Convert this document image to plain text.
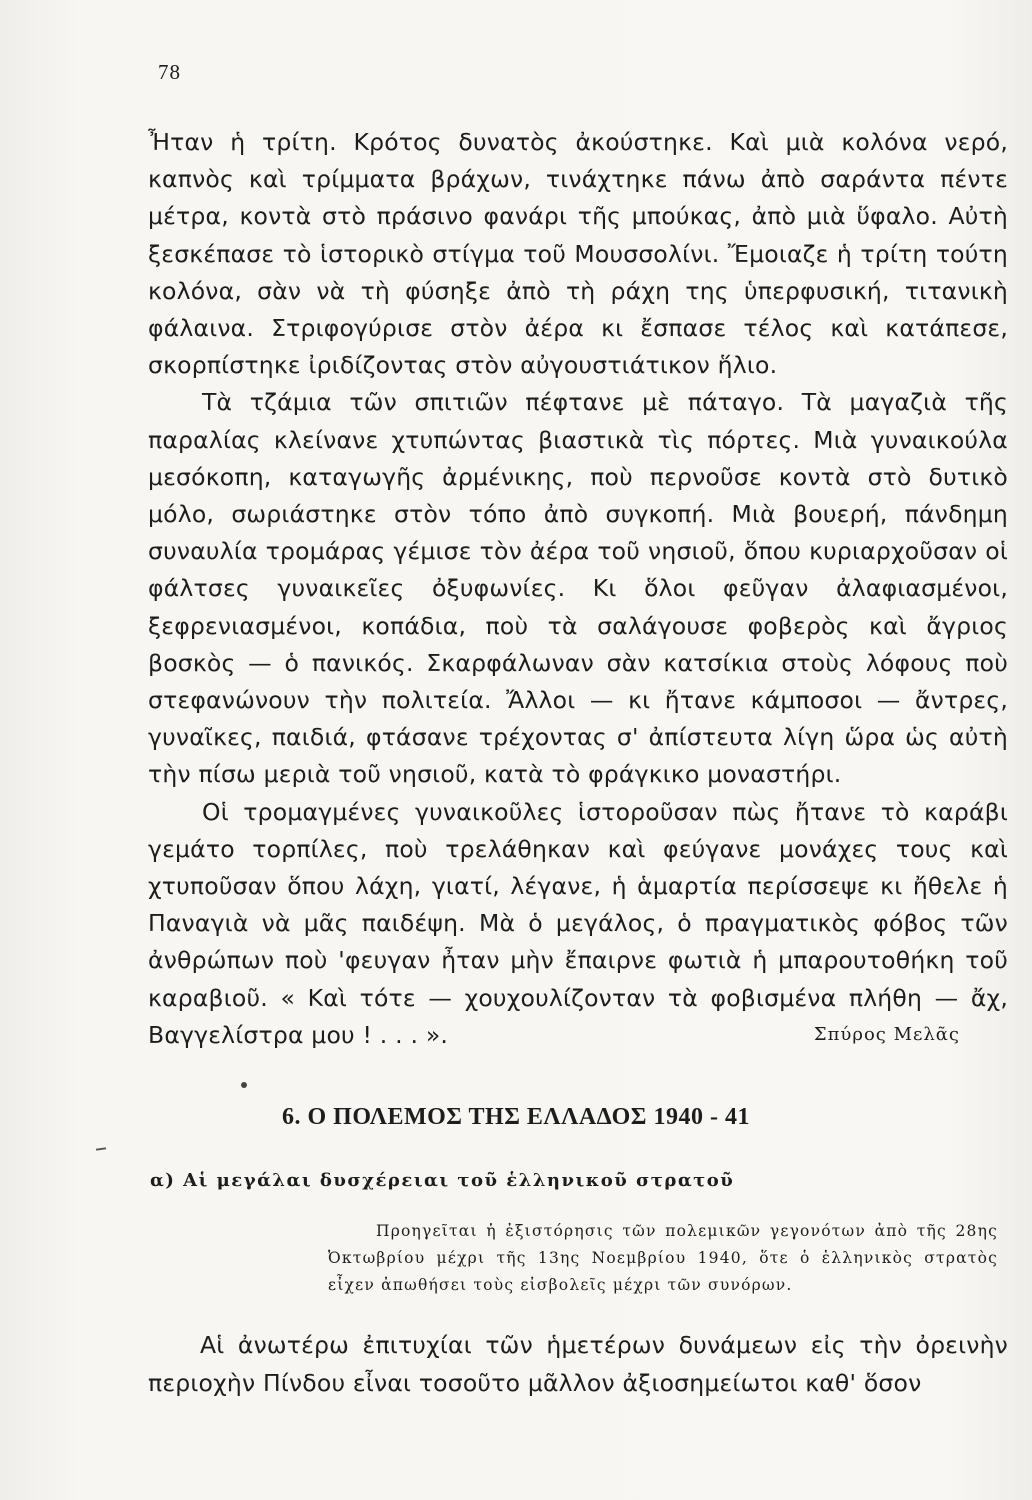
78

Ἦταν ἡ τρίτη. Κρότος δυνατὸς ἀκούστηκε. Καὶ μιὰ κολόνα νερό, καπνὸς καὶ τρίμματα βράχων, τινάχτηκε πάνω ἀπὸ σαράντα πέντε μέτρα, κοντὰ στὸ πράσινο φανάρι τῆς μπούκας, ἀπὸ μιὰ ὕφαλο. Αὐτὴ ξεσκέπασε τὸ ἱστορικὸ στίγμα τοῦ Μουσσολίνι. Ἔμοιαζε ἡ τρίτη τούτη κολόνα, σὰν νὰ τὴ φύσηξε ἀπὸ τὴ ράχη της ὑπερφυσική, τιτανικὴ φάλαινα. Στριφογύρισε στὸν ἀέρα κι ἔσπασε τέλος καὶ κατάπεσε, σκορπίστηκε ἰριδίζοντας στὸν αὐγουστιάτικον ἥλιο.

Τὰ τζάμια τῶν σπιτιῶν πέφτανε μὲ πάταγο. Τὰ μαγαζιὰ τῆς παραλίας κλείνανε χτυπώντας βιαστικὰ τὶς πόρτες. Μιὰ γυναικούλα μεσόκοπη, καταγωγῆς ἀρμένικης, ποὺ περνοῦσε κοντὰ στὸ δυτικὸ μόλο, σωριάστηκε στὸν τόπο ἀπὸ συγκοπή. Μιὰ βουερή, πάνδημη συναυλία τρομάρας γέμισε τὸν ἀέρα τοῦ νησιοῦ, ὅπου κυριαρχοῦσαν οἱ φάλτσες γυναικεῖες ὀξυφωνίες. Κι ὅλοι φεῦγαν ἀλαφιασμένοι, ξεφρενιασμένοι, κοπάδια, ποὺ τὰ σαλάγουσε φοβερὸς καὶ ἄγριος βοσκὸς — ὁ πανικός. Σκαρφάλωναν σὰν κατσίκια στοὺς λόφους ποὺ στεφανώνουν τὴν πολιτεία. Ἄλλοι — κι ἤτανε κάμποσοι — ἄντρες, γυναῖκες, παιδιά, φτάσανε τρέχοντας σ' ἀπίστευτα λίγη ὥρα ὡς αὐτὴ τὴν πίσω μεριὰ τοῦ νησιοῦ, κατὰ τὸ φράγκικο μοναστήρι.

Οἱ τρομαγμένες γυναικοῦλες ἱστοροῦσαν πὼς ἤτανε τὸ καράβι γεμάτο τορπίλες, ποὺ τρελάθηκαν καὶ φεύγανε μονάχες τους καὶ χτυποῦσαν ὅπου λάχη, γιατί, λέγανε, ἡ ἁμαρτία περίσσεψε κι ἤθελε ἡ Παναγιὰ νὰ μᾶς παιδέψη. Μὰ ὁ μεγάλος, ὁ πραγματικὸς φόβος τῶν ἀνθρώπων ποὺ 'φευγαν ἦταν μὴν ἔπαιρνε φωτιὰ ἡ μπαρουτοθήκη τοῦ καραβιοῦ. « Καὶ τότε — χουχουλίζονταν τὰ φοβισμένα πλήθη — ἄχ, Βαγγελίστρα μου ! . . . ».	Σπύρος Μελᾶς
6. Ο ΠΟΛΕΜΟΣ ΤΗΣ ΕΛΛΑΔΟΣ 1940 - 41
α) Αἱ μεγάλαι δυσχέρειαι τοῦ ἑλληνικοῦ στρατοῦ
Προηγεῖται ἡ ἐξιστόρησις τῶν πολεμικῶν γεγονότων ἀπὸ τῆς 28ης Ὀκτωβρίου μέχρι τῆς 13ης Νοεμβρίου 1940, ὅτε ὁ ἑλληνικὸς στρατὸς εἶχεν ἀπωθήσει τοὺς εἰσβολεῖς μέχρι τῶν συνόρων.
Αἱ ἀνωτέρω ἐπιτυχίαι τῶν ἡμετέρων δυνάμεων εἰς τὴν ὀρεινὴν περιοχὴν Πίνδου εἶναι τοσοῦτο μᾶλλον ἀξιοσημείωτοι καθ' ὅσον
